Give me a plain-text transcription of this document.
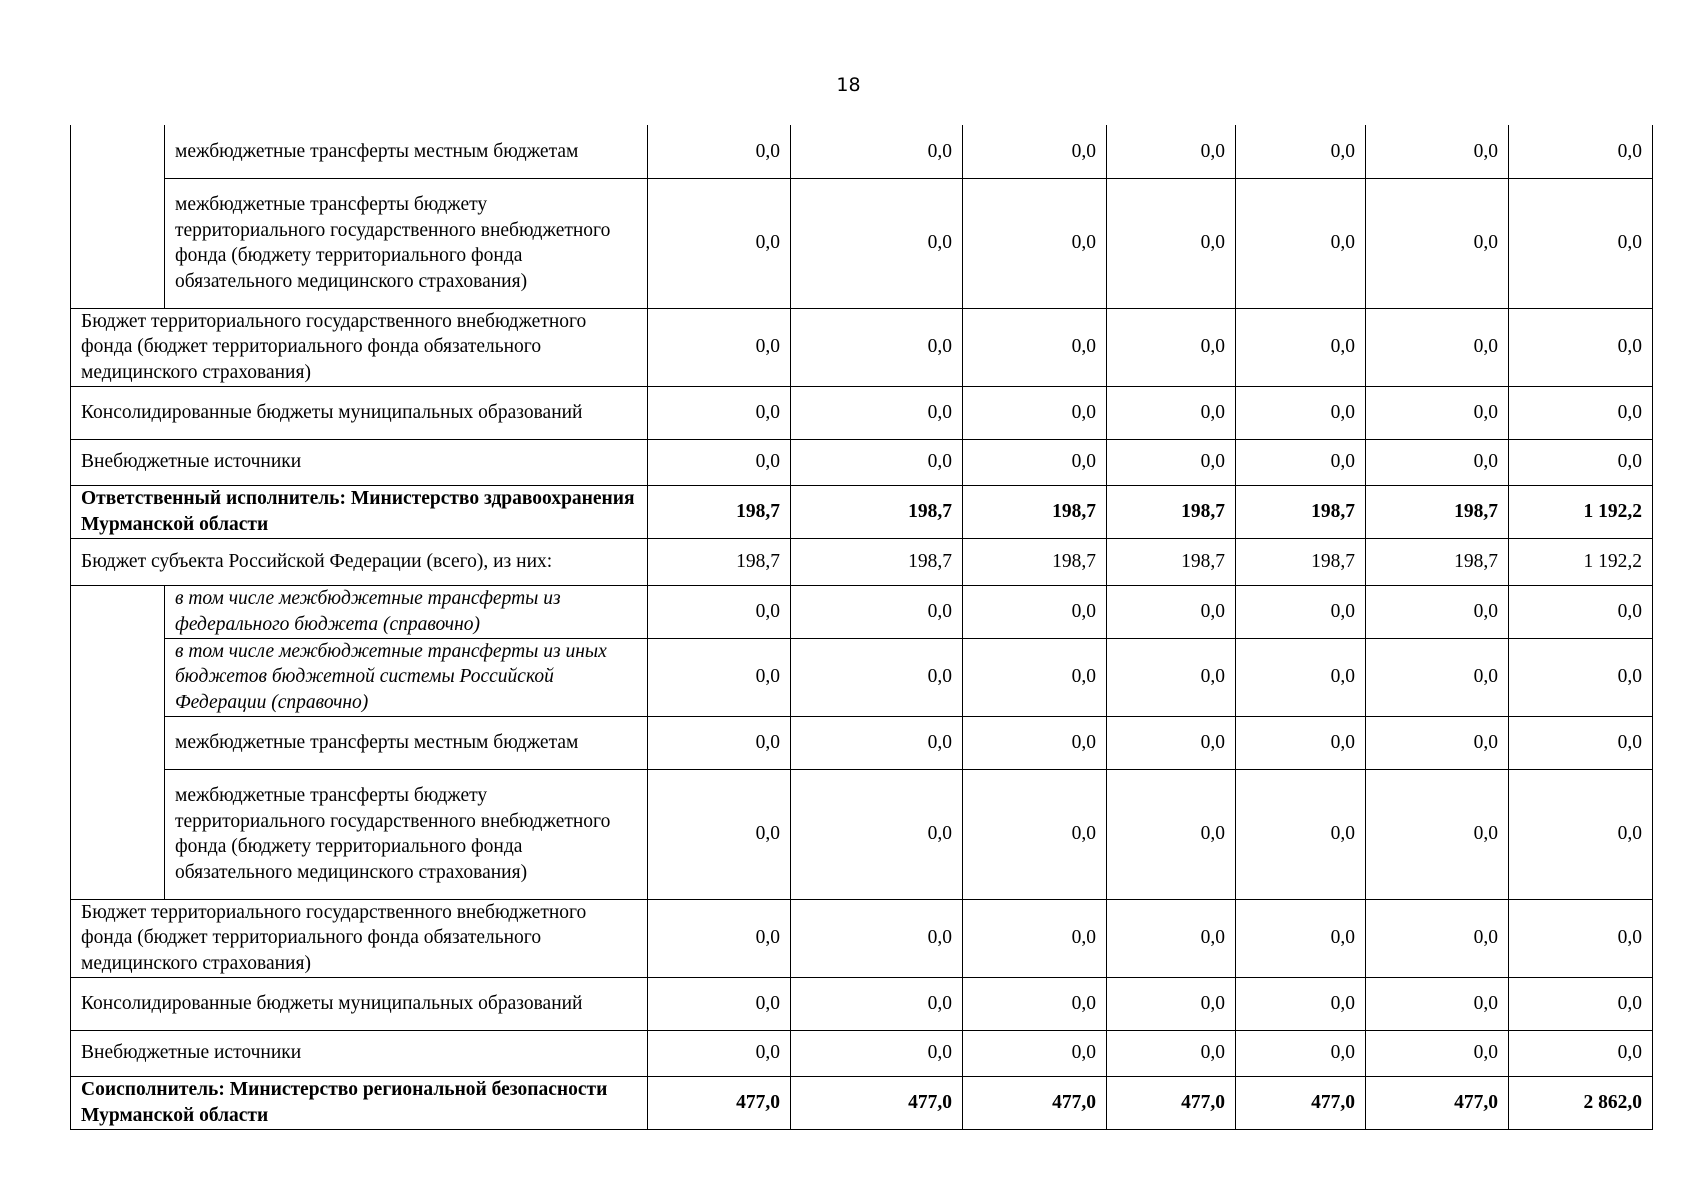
18
	межбюджетные трансферты местным бюджетам	0,0	0,0	0,0	0,0	0,0	0,0	0,0
	межбюджетные трансферты бюджету территориального государственного внебюджетного фонда (бюджету территориального фонда обязательного медицинского страхования)	0,0	0,0	0,0	0,0	0,0	0,0	0,0
Бюджет территориального государственного внебюджетного фонда (бюджет территориального фонда обязательного медицинского страхования)		0,0	0,0	0,0	0,0	0,0	0,0	0,0
Консолидированные бюджеты муниципальных образований		0,0	0,0	0,0	0,0	0,0	0,0	0,0
Внебюджетные источники		0,0	0,0	0,0	0,0	0,0	0,0	0,0
Ответственный исполнитель: Министерство здравоохранения Мурманской области		198,7	198,7	198,7	198,7	198,7	198,7	1 192,2
Бюджет субъекта Российской Федерации (всего), из них:		198,7	198,7	198,7	198,7	198,7	198,7	1 192,2
	в том числе межбюджетные трансферты из федерального бюджета (справочно)	0,0	0,0	0,0	0,0	0,0	0,0	0,0
	в том числе межбюджетные трансферты из иных бюджетов бюджетной системы Российской Федерации (справочно)	0,0	0,0	0,0	0,0	0,0	0,0	0,0
	межбюджетные трансферты местным бюджетам	0,0	0,0	0,0	0,0	0,0	0,0	0,0
	межбюджетные трансферты бюджету территориального государственного внебюджетного фонда (бюджету территориального фонда обязательного медицинского страхования)	0,0	0,0	0,0	0,0	0,0	0,0	0,0
Бюджет территориального государственного внебюджетного фонда (бюджет территориального фонда обязательного медицинского страхования)		0,0	0,0	0,0	0,0	0,0	0,0	0,0
Консолидированные бюджеты муниципальных образований		0,0	0,0	0,0	0,0	0,0	0,0	0,0
Внебюджетные источники		0,0	0,0	0,0	0,0	0,0	0,0	0,0
Соисполнитель: Министерство региональной безопасности Мурманской области		477,0	477,0	477,0	477,0	477,0	477,0	2 862,0
